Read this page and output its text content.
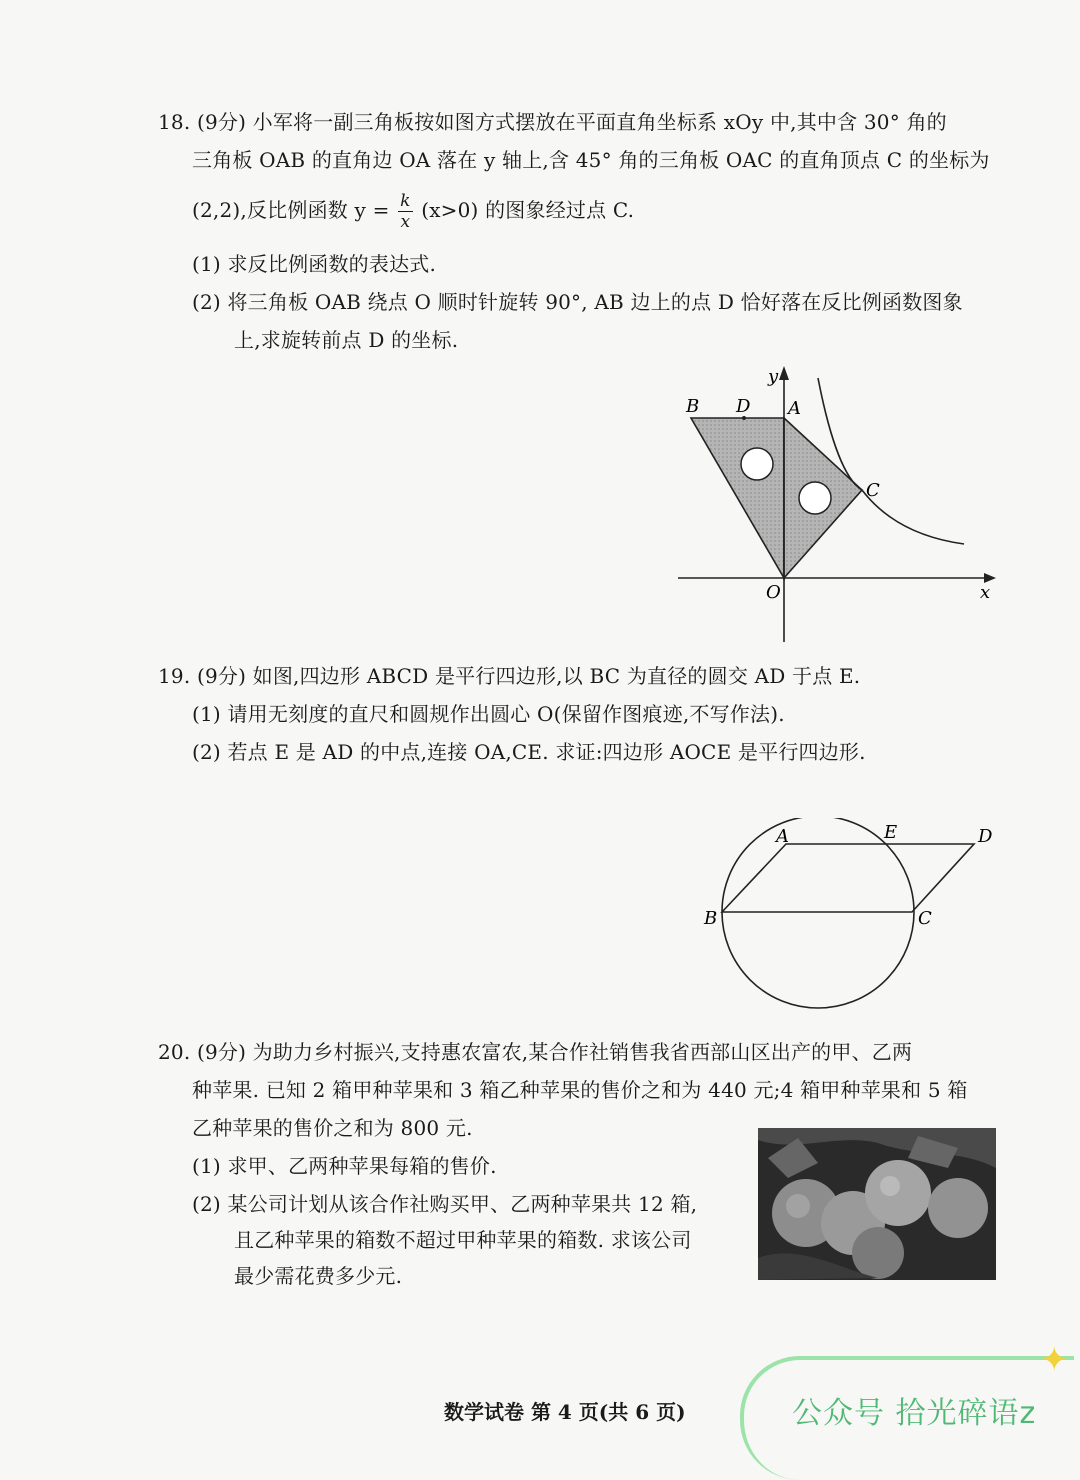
18. (9分) 小军将一副三角板按如图方式摆放在平面直角坐标系 xOy 中,其中含 30° 角的
三角板 OAB 的直角边 OA 落在 y 轴上,含 45° 角的三角板 OAC 的直角顶点 C 的坐标为
(2,2),反比例函数 $y = \frac{k}{x} (x>0)$ 的图象经过点 C.
(1) 求反比例函数的表达式.
(2) 将三角板 OAB 绕点 O 顺时针旋转 90°, AB 边上的点 D 恰好落在反比例函数图象
上,求旋转前点 D 的坐标.
y
x
O
A
B
C
D
19. (9分) 如图,四边形 ABCD 是平行四边形,以 BC 为直径的圆交 AD 于点 E.
(1) 请用无刻度的直尺和圆规作出圆心 O(保留作图痕迹,不写作法).
(2) 若点 E 是 AD 的中点,连接 OA,CE. 求证:四边形 AOCE 是平行四边形.
A	E	D
B	C
20. (9分) 为助力乡村振兴,支持惠农富农,某合作社销售我省西部山区出产的甲、乙两
种苹果. 已知 2 箱甲种苹果和 3 箱乙种苹果的售价之和为 440 元;4 箱甲种苹果和 5 箱
乙种苹果的售价之和为 800 元.
(1) 求甲、乙两种苹果每箱的售价.
(2) 某公司计划从该合作社购买甲、乙两种苹果共 12 箱,
且乙种苹果的箱数不超过甲种苹果的箱数. 求该公司
最少需花费多少元.
数学试卷 第 4 页(共 6 页)
✦
公众号 拾光碎语z
